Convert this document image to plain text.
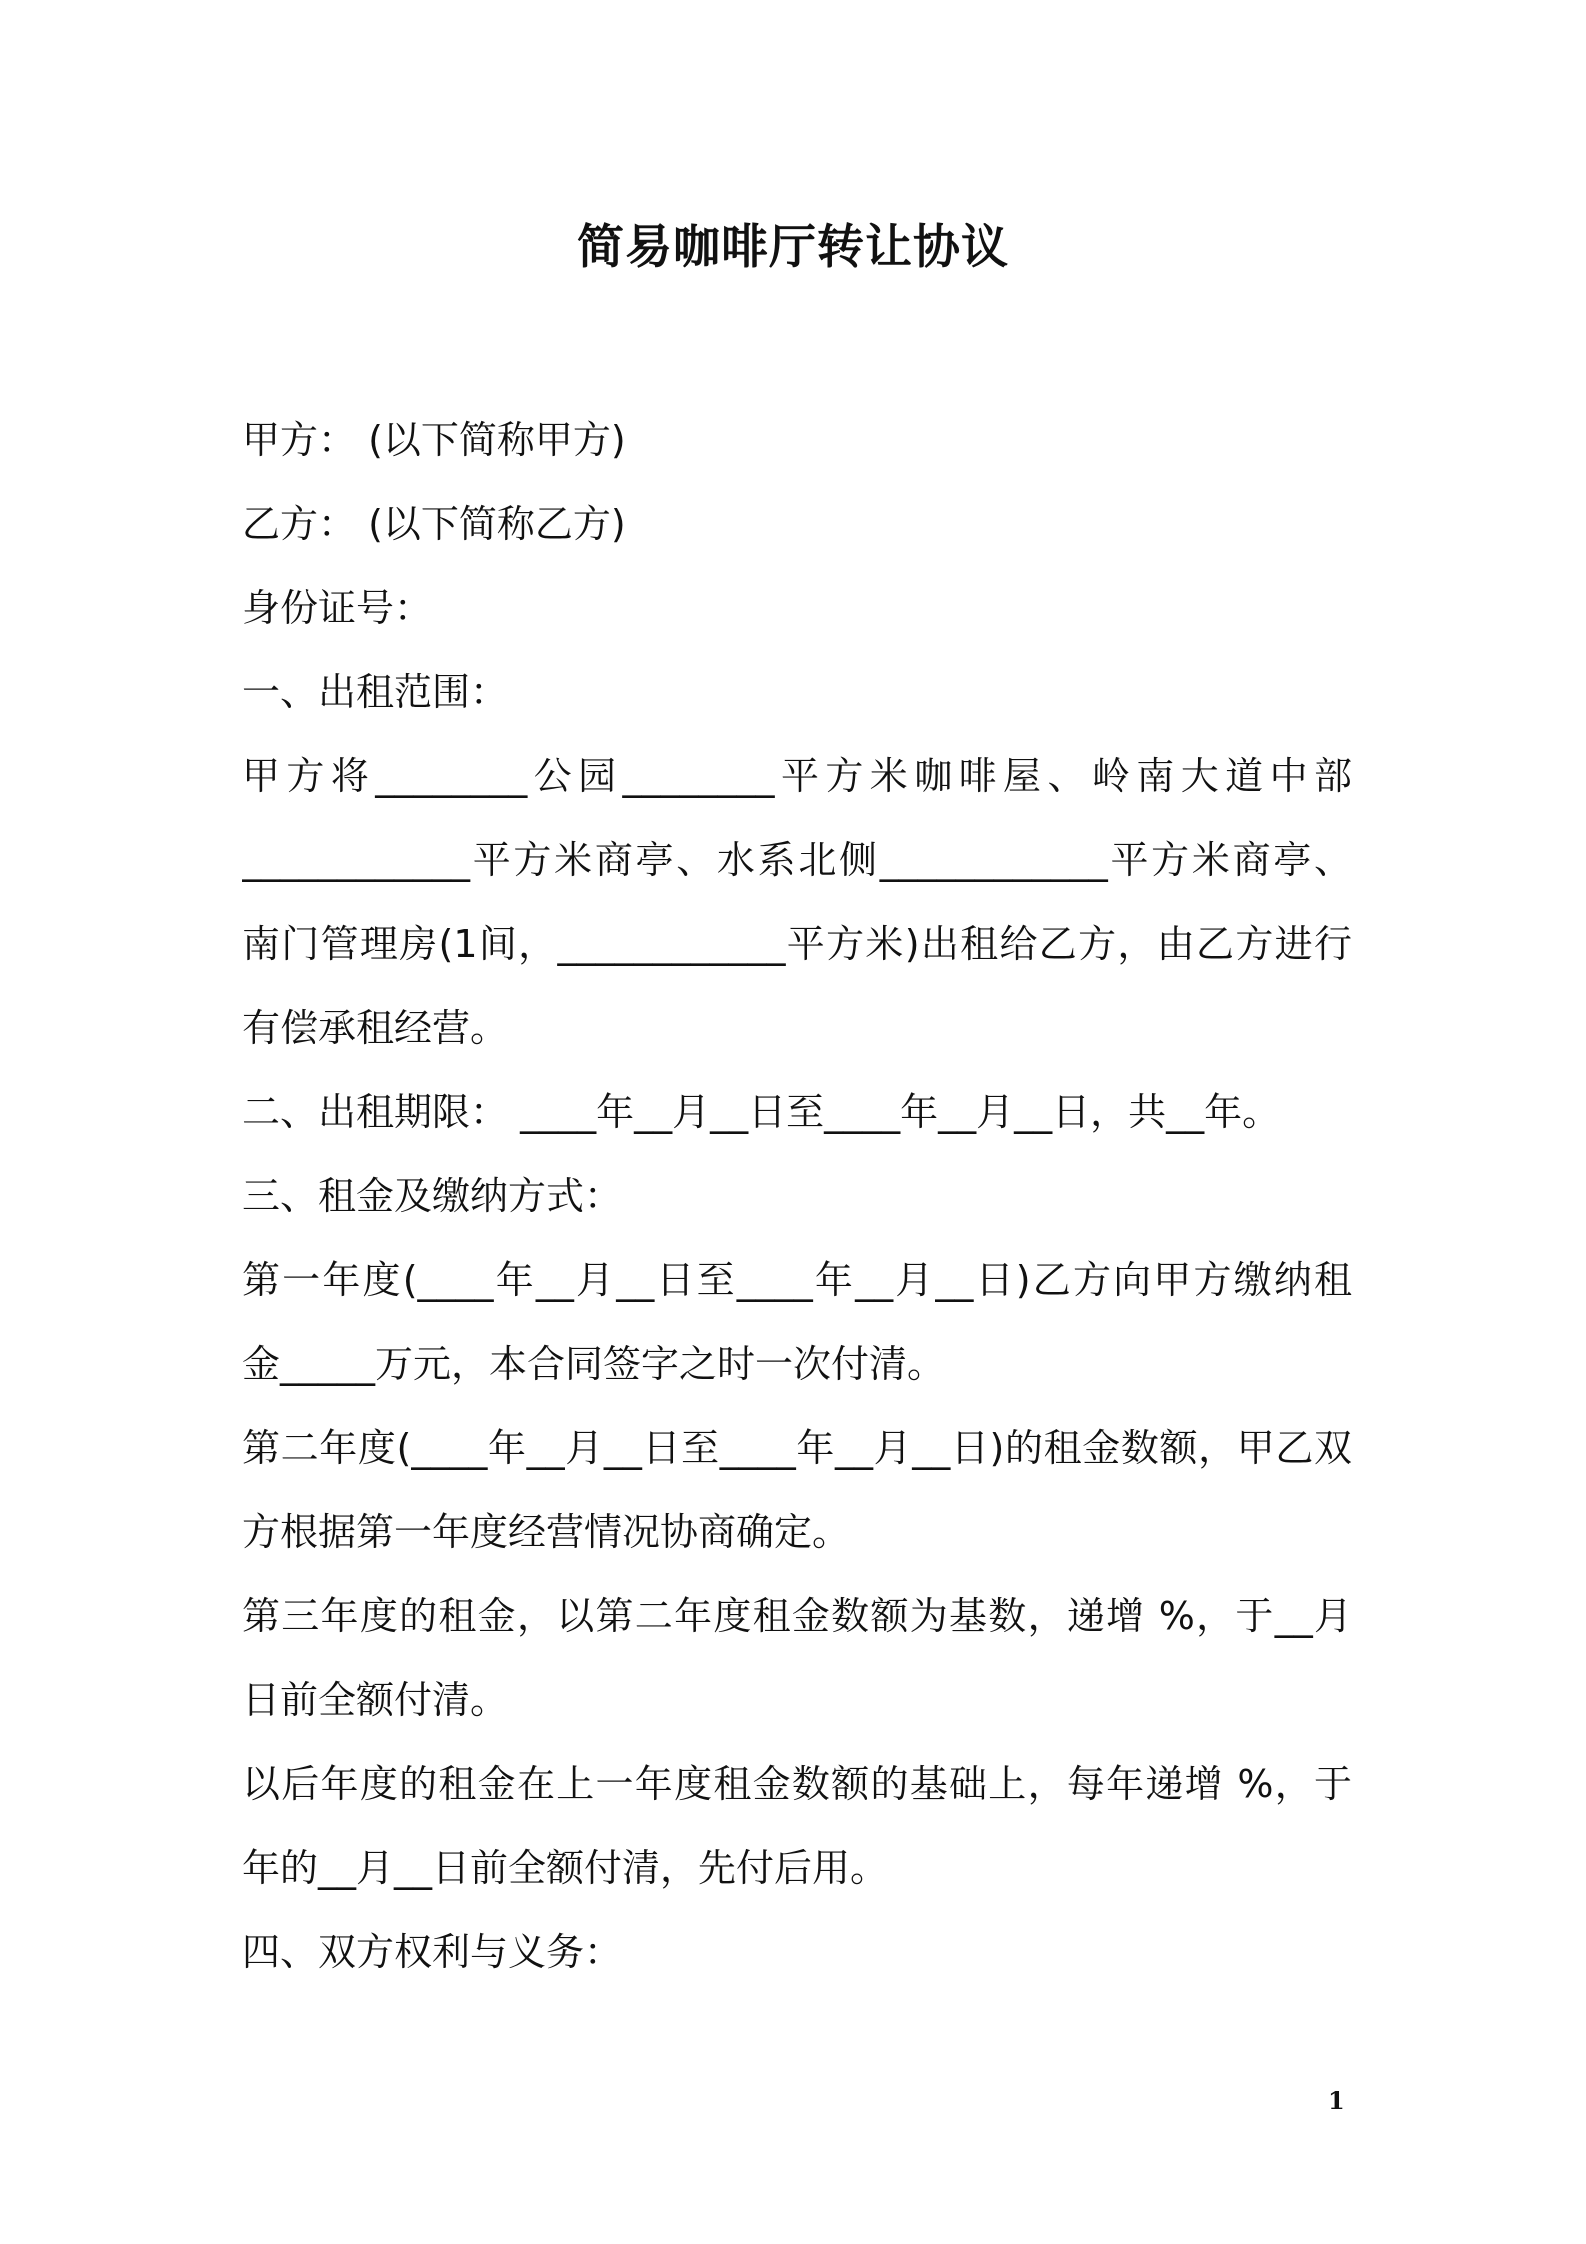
简易咖啡厅转让协议
甲方： (以下简称甲方)
乙方： (以下简称乙方)
身份证号：
一、出租范围：
甲方将________公园________平方米咖啡屋、岭南大道中部
____________平方米商亭、水系北侧____________平方米商亭、
南门管理房(1间，____________平方米)出租给乙方，由乙方进行
有偿承租经营。
二、出租期限： ____年__月__日至____年__月__日，共__年。
三、租金及缴纳方式：
第一年度(____年__月__日至____年__月__日)乙方向甲方缴纳租
金_____万元，本合同签字之时一次付清。
第二年度(____年__月__日至____年__月__日)的租金数额，甲乙双
方根据第一年度经营情况协商确定。
第三年度的租金，以第二年度租金数额为基数，递增 %，于__月
日前全额付清。
以后年度的租金在上一年度租金数额的基础上，每年递增 %，于
年的__月__日前全额付清，先付后用。
四、双方权利与义务：
1
